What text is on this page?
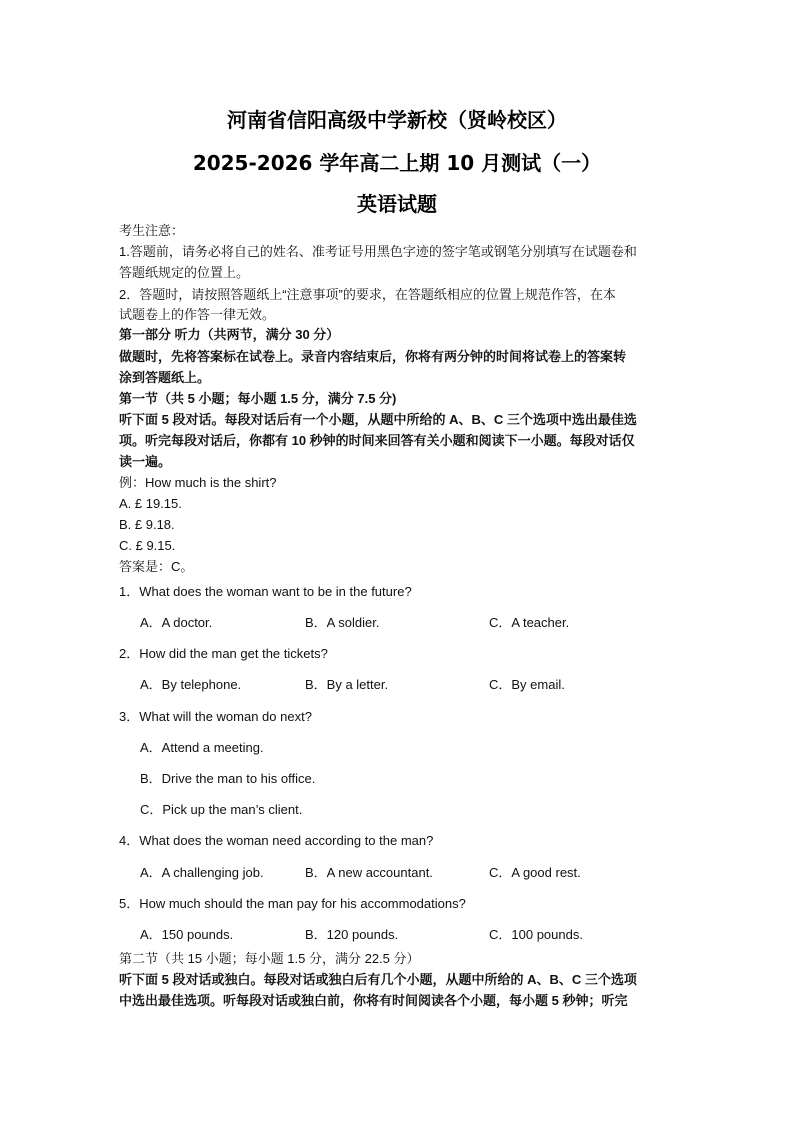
河南省信阳高级中学新校（贤岭校区）
2025-2026 学年高二上期 10 月测试（一）
英语试题
考生注意：
1.答题前，请务必将自己的姓名、准考证号用黑色字迹的签字笔或钢笔分别填写在试题卷和
答题纸规定的位置上。
2．答题时，请按照答题纸上“注意事项”的要求，在答题纸相应的位置上规范作答，在本
试题卷上的作答一律无效。
第一部分 听力（共两节，满分 30 分）
做题时，先将答案标在试卷上。录音内容结束后，你将有两分钟的时间将试卷上的答案转
涂到答题纸上。
第一节（共 5 小题；每小题 1.5 分，满分 7.5 分)
听下面 5 段对话。每段对话后有一个小题，从题中所给的 A、B、C 三个选项中选出最佳选
项。听完每段对话后，你都有 10 秒钟的时间来回答有关小题和阅读下一小题。每段对话仅
读一遍。
例：How much is the shirt?
A. £ 19.15.
B. £ 9.18.
C. £ 9.15.
答案是：C。
1．What does the woman want to be in the future?
A．A doctor.	B．A soldier.	C．A teacher.
2．How did the man get the tickets?
A．By telephone.	B．By a letter.	C．By email.
3．What will the woman do next?
A．Attend a meeting.
B．Drive the man to his office.
C．Pick up the man’s client.
4．What does the woman need according to the man?
A．A challenging job.	B．A new accountant.	C．A good rest.
5．How much should the man pay for his accommodations?
A．150 pounds.	B．120 pounds.	C．100 pounds.
第二节（共 15 小题；每小题 1.5 分，满分 22.5 分）
听下面 5 段对话或独白。每段对话或独白后有几个小题，从题中所给的 A、B、C 三个选项
中选出最佳选项。听每段对话或独白前，你将有时间阅读各个小题，每小题 5 秒钟；听完
